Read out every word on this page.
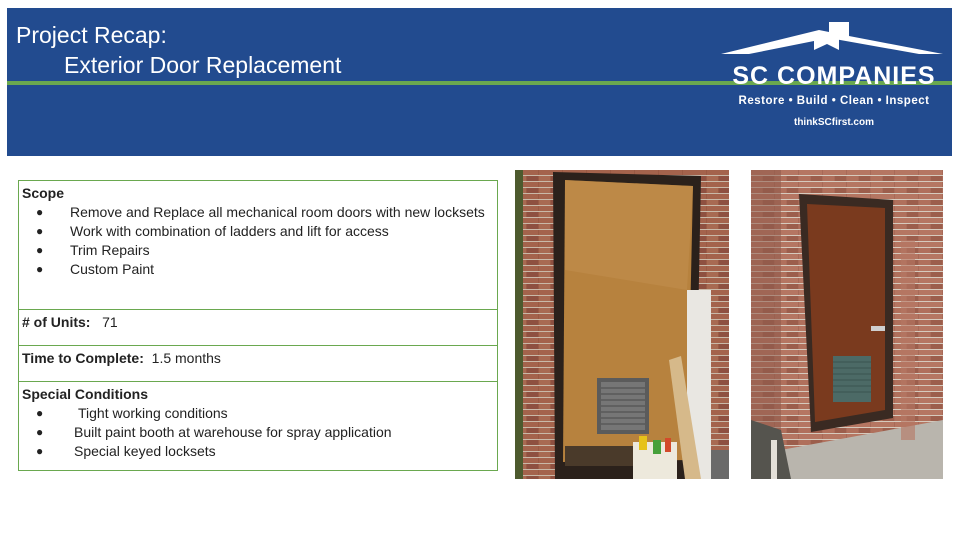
Project Recap:
Exterior Door Replacement	SC COMPANIES
Restore • Build • Clean • Inspect
thinkSCfirst.com
Scope
● Remove and Replace all mechanical room doors with new locksets
● Work with combination of ladders and lift for access
● Trim Repairs
● Custom Paint
# of Units: 71
Time to Complete: 1.5 months
Special Conditions
● Tight working conditions
● Built paint booth at warehouse for spray application
● Special keyed locksets
